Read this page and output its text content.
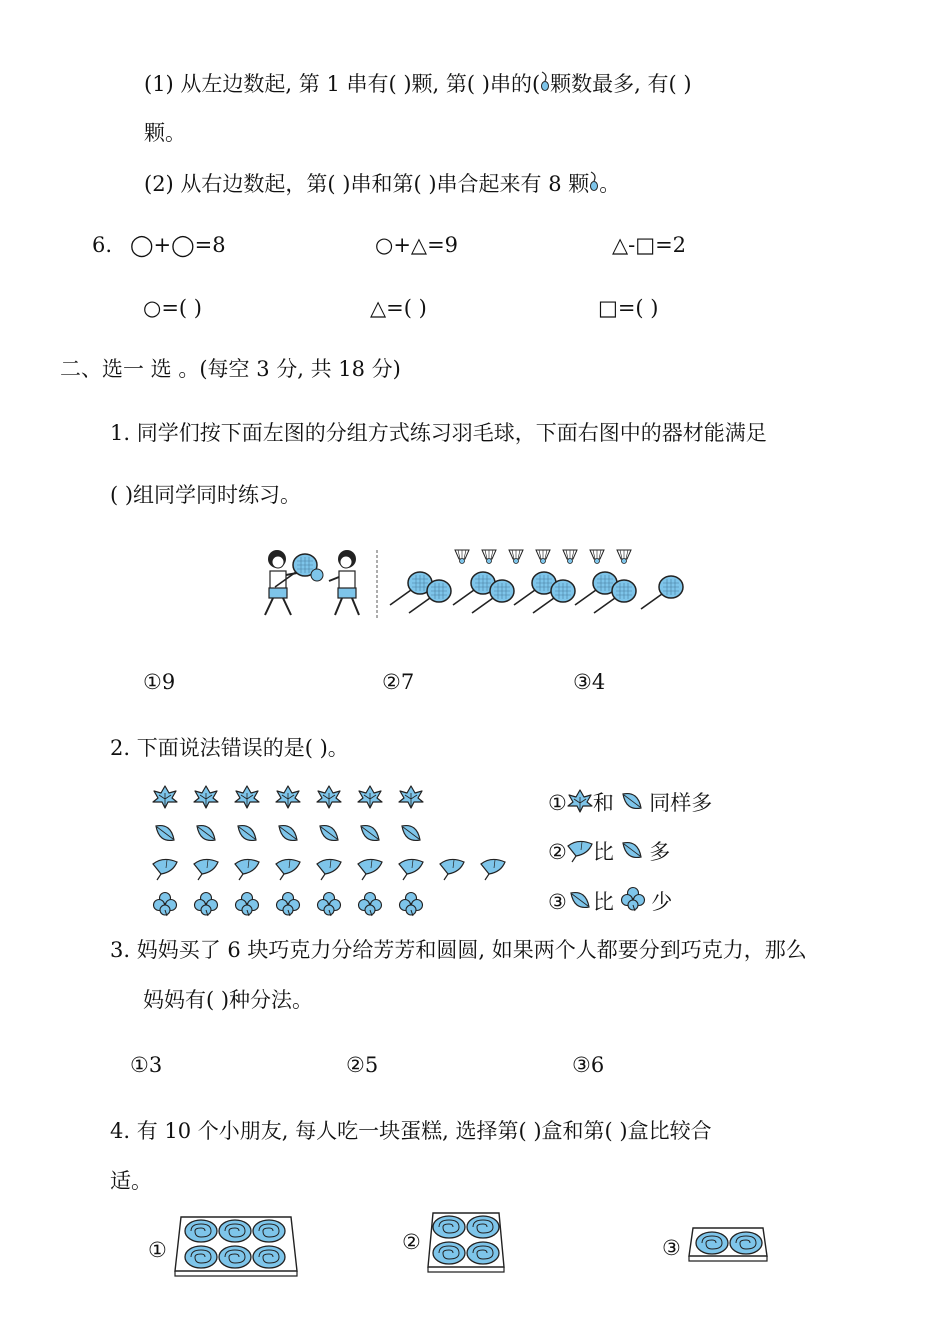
(1) 从左边数起, 第 1 串有( )颗, 第( )串的( 颗数最多, 有( )
颗。
(2) 从右边数起，第( )串和第( )串合起来有 8 颗 。
6. ◯+◯=8	○+△=9	△-□=2
○=( )	△=( )	□=( )
二、选一 选 。(每空 3 分, 共 18 分)
1. 同学们按下面左图的分组方式练习羽毛球，下面右图中的器材能满足
( )组同学同时练习。
①9	②7	③4
2. 下面说法错误的是( )。
① 和 同样多
② 比 多
③ 比 少
3. 妈妈买了 6 块巧克力分给芳芳和圆圆, 如果两个人都要分到巧克力，那么
妈妈有( )种分法。
①3	②5	③6
4. 有 10 个小朋友, 每人吃一块蛋糕, 选择第( )盒和第( )盒比较合
适。
①	②	③
